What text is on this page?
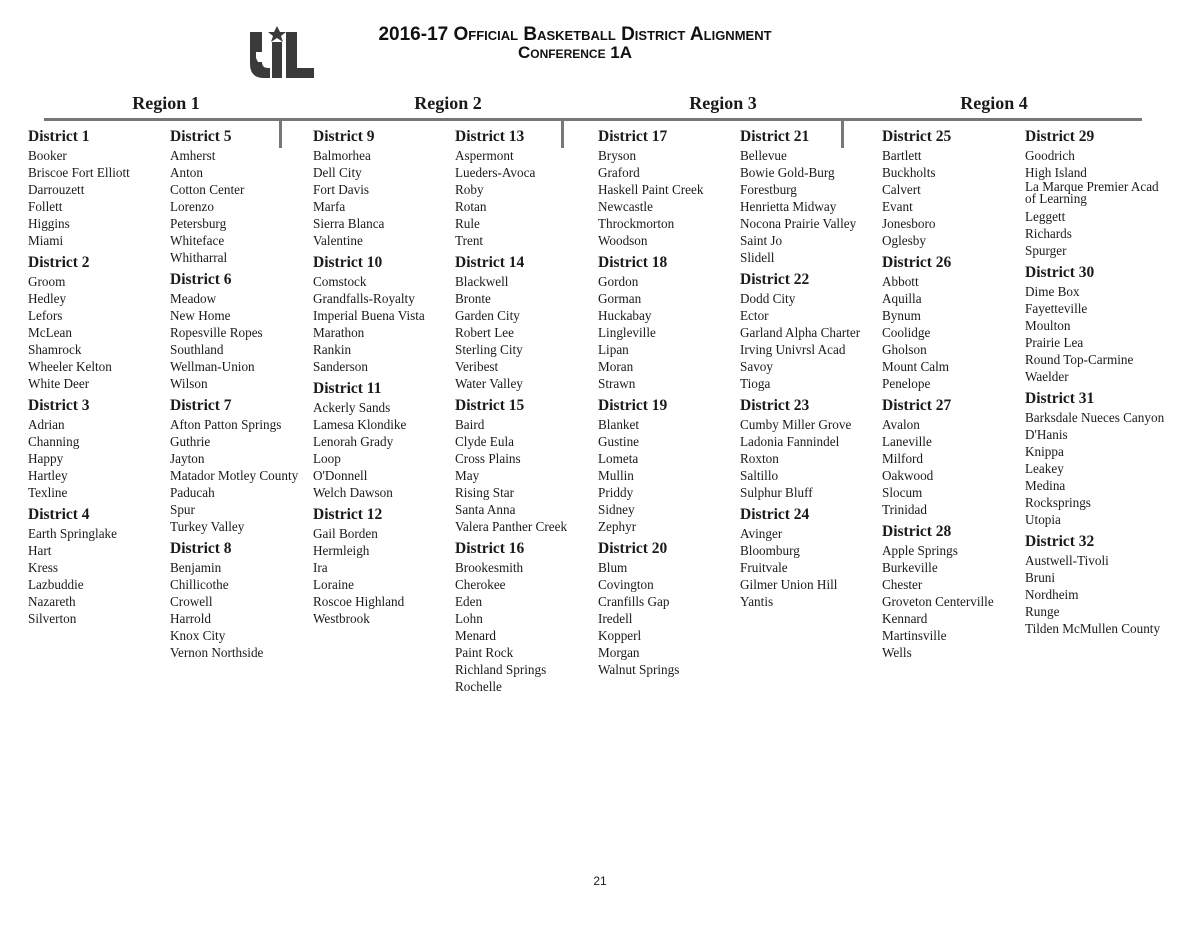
2016-17 Official Basketball District Alignment
Conference 1A
Region 1	Region 2	Region 3	Region 4
District 1
Booker
Briscoe Fort Elliott
Darrouzett
Follett
Higgins
Miami
District 2
Groom
Hedley
Lefors
McLean
Shamrock
Wheeler Kelton
White Deer
District 3
Adrian
Channing
Happy
Hartley
Texline
District 4
Earth Springlake
Hart
Kress
Lazbuddie
Nazareth
Silverton
District 5
Amherst
Anton
Cotton Center
Lorenzo
Petersburg
Whiteface
Whitharral
District 6
Meadow
New Home
Ropesville Ropes
Southland
Wellman-Union
Wilson
District 7
Afton Patton Springs
Guthrie
Jayton
Matador Motley County
Paducah
Spur
Turkey Valley
District 8
Benjamin
Chillicothe
Crowell
Harrold
Knox City
Vernon Northside
District 9
Balmorhea
Dell City
Fort Davis
Marfa
Sierra Blanca
Valentine
District 10
Comstock
Grandfalls-Royalty
Imperial Buena Vista
Marathon
Rankin
Sanderson
District 11
Ackerly Sands
Lamesa Klondike
Lenorah Grady
Loop
O'Donnell
Welch Dawson
District 12
Gail Borden
Hermleigh
Ira
Loraine
Roscoe Highland
Westbrook
District 13
Aspermont
Lueders-Avoca
Roby
Rotan
Rule
Trent
District 14
Blackwell
Bronte
Garden City
Robert Lee
Sterling City
Veribest
Water Valley
District 15
Baird
Clyde Eula
Cross Plains
May
Rising Star
Santa Anna
Valera Panther Creek
District 16
Brookesmith
Cherokee
Eden
Lohn
Menard
Paint Rock
Richland Springs
Rochelle
District 17
Bryson
Graford
Haskell Paint Creek
Newcastle
Throckmorton
Woodson
District 18
Gordon
Gorman
Huckabay
Lingleville
Lipan
Moran
Strawn
District 19
Blanket
Gustine
Lometa
Mullin
Priddy
Sidney
Zephyr
District 20
Blum
Covington
Cranfills Gap
Iredell
Kopperl
Morgan
Walnut Springs
District 21
Bellevue
Bowie Gold-Burg
Forestburg
Henrietta Midway
Nocona Prairie Valley
Saint Jo
Slidell
District 22
Dodd City
Ector
Garland Alpha Charter
Irving Univrsl Acad
Savoy
Tioga
District 23
Cumby Miller Grove
Ladonia Fannindel
Roxton
Saltillo
Sulphur Bluff
District 24
Avinger
Bloomburg
Fruitvale
Gilmer Union Hill
Yantis
District 25
Bartlett
Buckholts
Calvert
Evant
Jonesboro
Oglesby
District 26
Abbott
Aquilla
Bynum
Coolidge
Gholson
Mount Calm
Penelope
District 27
Avalon
Laneville
Milford
Oakwood
Slocum
Trinidad
District 28
Apple Springs
Burkeville
Chester
Groveton Centerville
Kennard
Martinsville
Wells
District 29
Goodrich
High Island
La Marque Premier Acad of Learning
Leggett
Richards
Spurger
District 30
Dime Box
Fayetteville
Moulton
Prairie Lea
Round Top-Carmine
Waelder
District 31
Barksdale Nueces Canyon
D'Hanis
Knippa
Leakey
Medina
Rocksprings
Utopia
District 32
Austwell-Tivoli
Bruni
Nordheim
Runge
Tilden McMullen County
21
